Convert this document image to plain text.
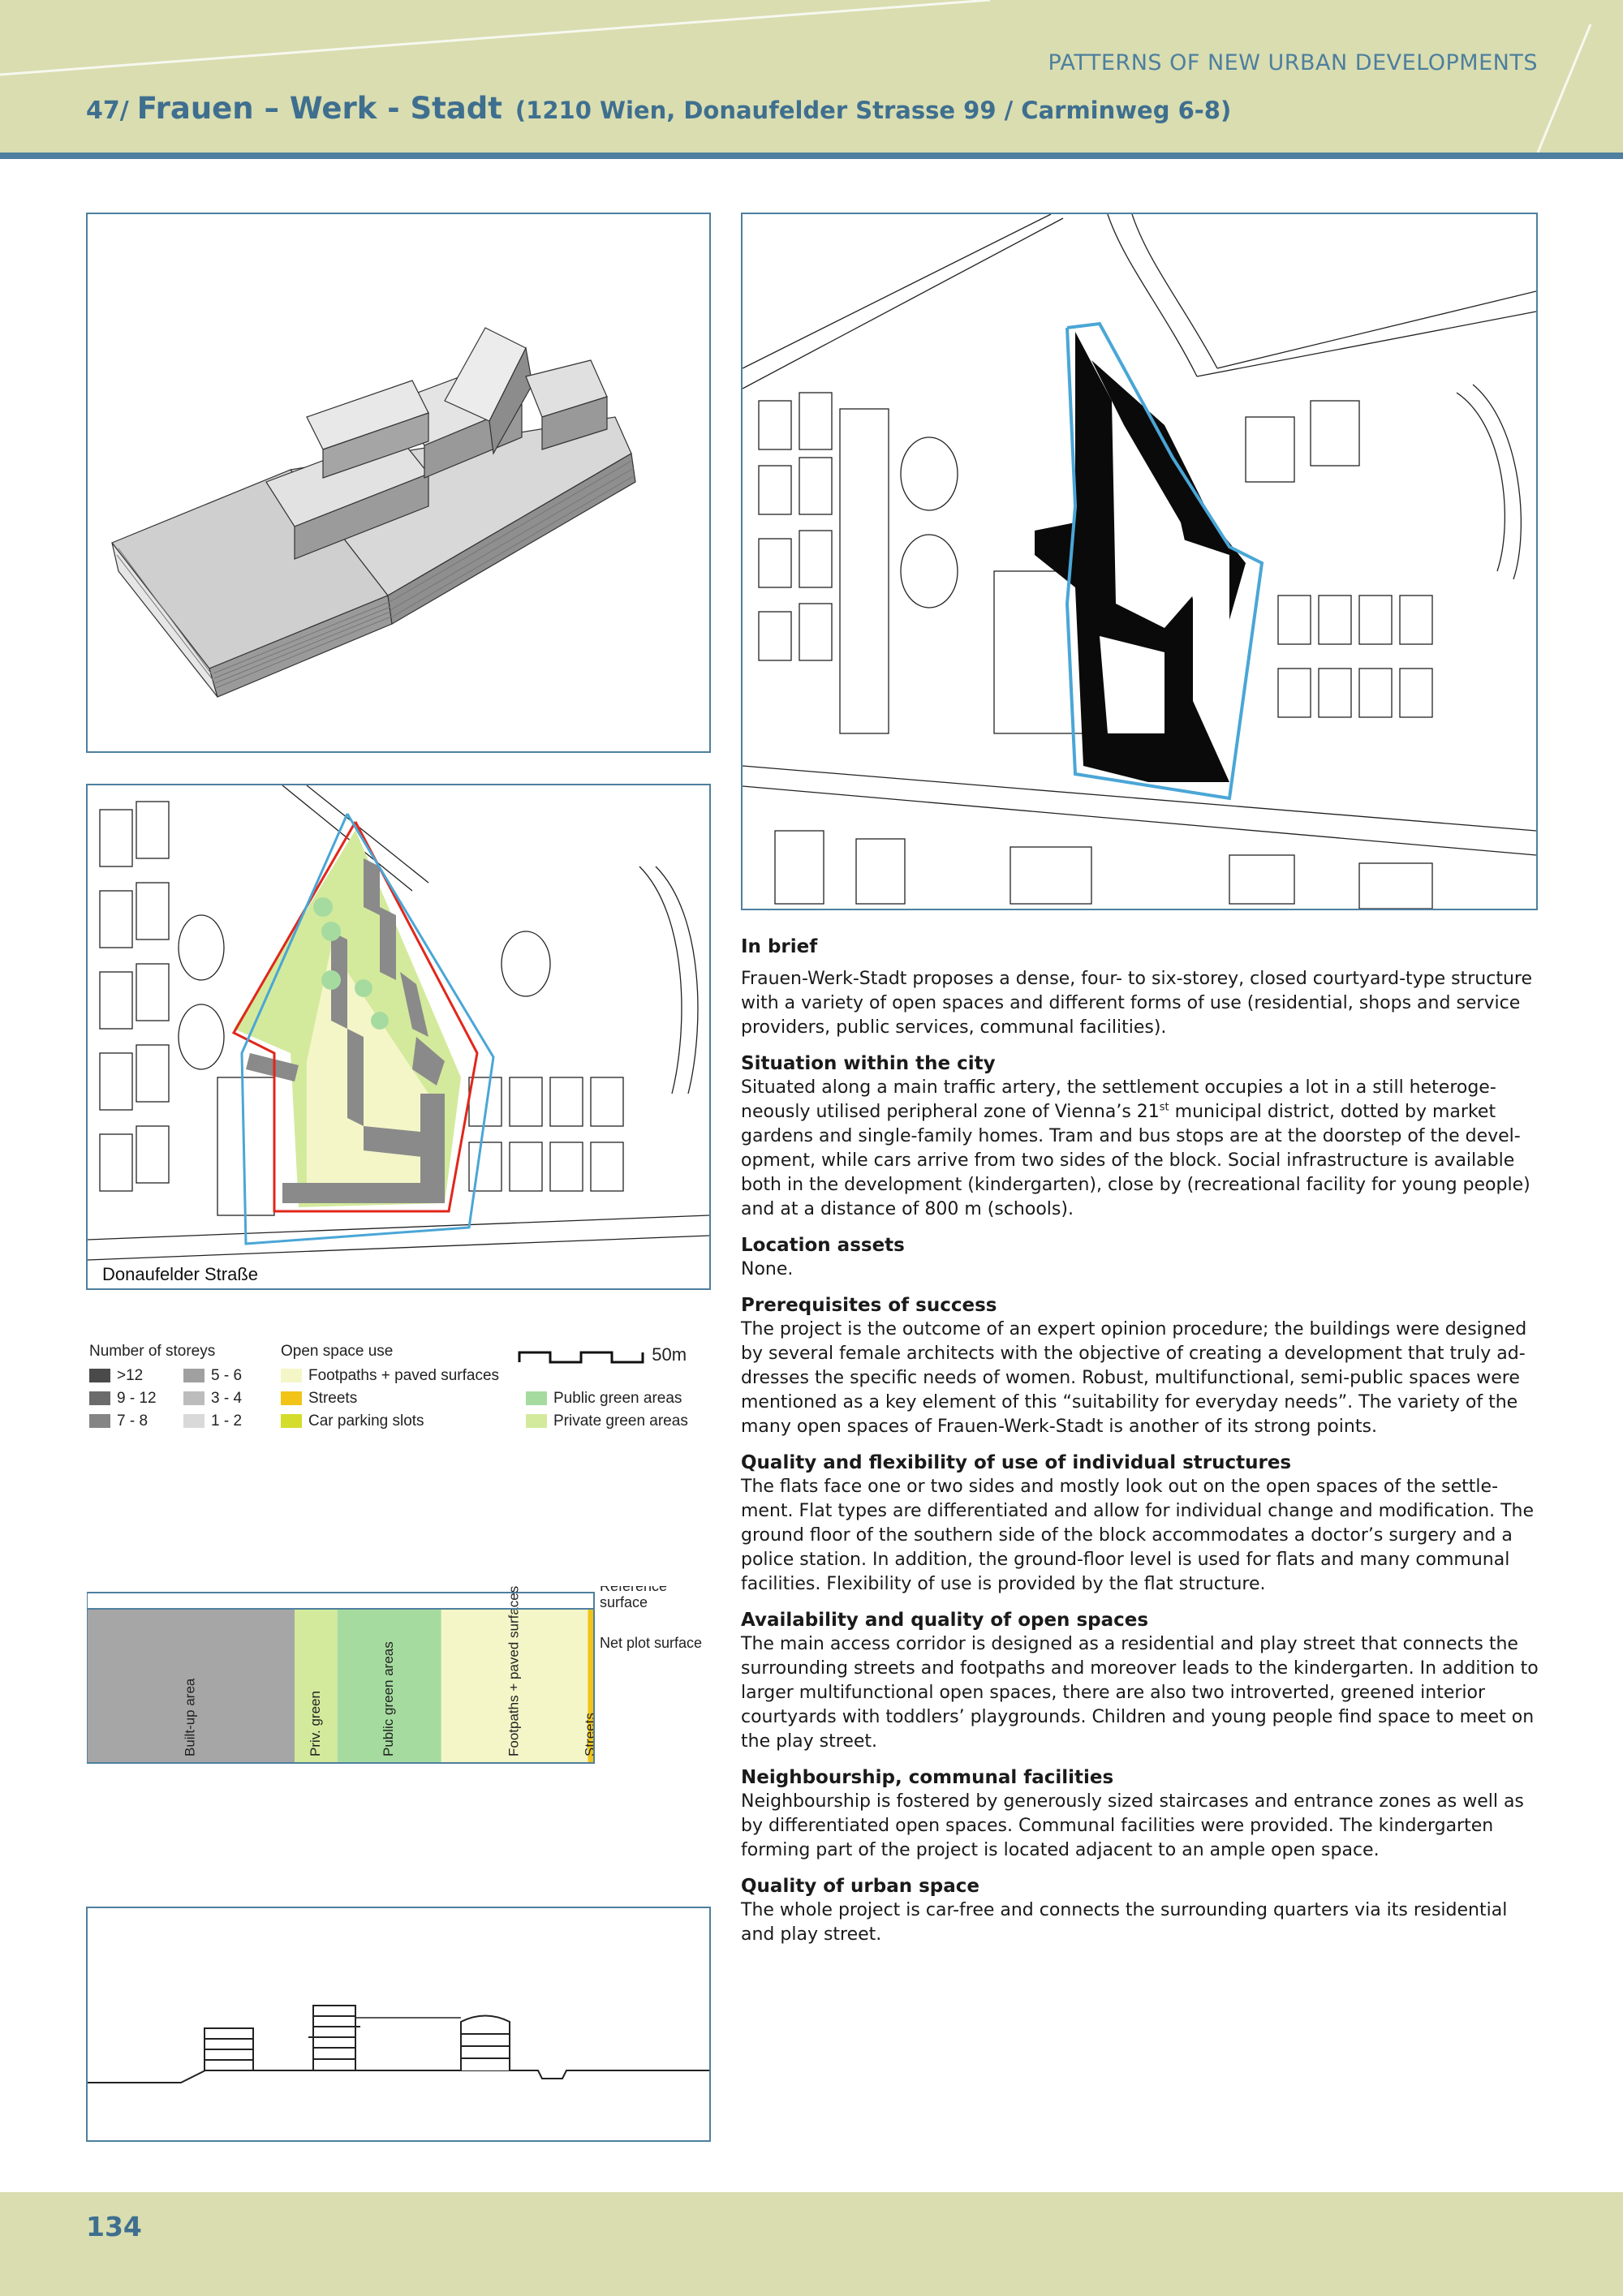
PATTERNS OF NEW URBAN DEVELOPMENTS
47/ Frauen – Werk - Stadt (1210 Wien, Donaufelder Strasse 99 / Carminweg 6-8)
Donaufelder Straße
Number of storeys
>12
9 - 12
7 - 8
5 - 6
3 - 4
1 - 2
Open space use
Footpaths + paved surfaces
Streets
Car parking slots
Public green areas
Private green areas
50m
Built-up area	Priv. green	Public green areas	Footpaths + paved surfaces	Streets
Reference surface
Net plot surface
In brief

Frauen-Werk-Stadt proposes a dense, four- to six-storey, closed courtyard-type structure with a variety of open spaces and different forms of use (residential, shops and service providers, public services, communal facilities).

Situation within the city

Situated along a main traffic artery, the settlement occupies a lot in a still heteroge-neously utilised peripheral zone of Vienna’s 21st municipal district, dotted by market gardens and single-family homes. Tram and bus stops are at the doorstep of the devel-opment, while cars arrive from two sides of the block. Social infrastructure is available both in the development (kindergarten), close by (recreational facility for young people) and at a distance of 800 m (schools).

Location assets

None.

Prerequisites of success

The project is the outcome of an expert opinion procedure; the buildings were designed by several female architects with the objective of creating a development that truly ad-dresses the specific needs of women. Robust, multifunctional, semi-public spaces were mentioned as a key element of this “suitability for everyday needs”. The variety of the many open spaces of Frauen-Werk-Stadt is another of its strong points.

Quality and flexibility of use of individual structures

The flats face one or two sides and mostly look out on the open spaces of the settle-ment. Flat types are differentiated and allow for individual change and modification. The ground floor of the southern side of the block accommodates a doctor’s surgery and a police station. In addition, the ground-floor level is used for flats and many communal facilities. Flexibility of use is provided by the flat structure.

Availability and quality of open spaces

The main access corridor is designed as a residential and play street that connects the surrounding streets and footpaths and moreover leads to the kindergarten. In addition to larger multifunctional open spaces, there are also two introverted, greened interior courtyards with toddlers’ playgrounds. Children and young people find space to meet on the play street.

Neighbourship, communal facilities

Neighbourship is fostered by generously sized staircases and entrance zones as well as by differentiated open spaces. Communal facilities were provided. The kindergarten forming part of the project is located adjacent to an ample open space.

Quality of urban space

The whole project is car-free and connects the surrounding quarters via its residential and play street.

134
